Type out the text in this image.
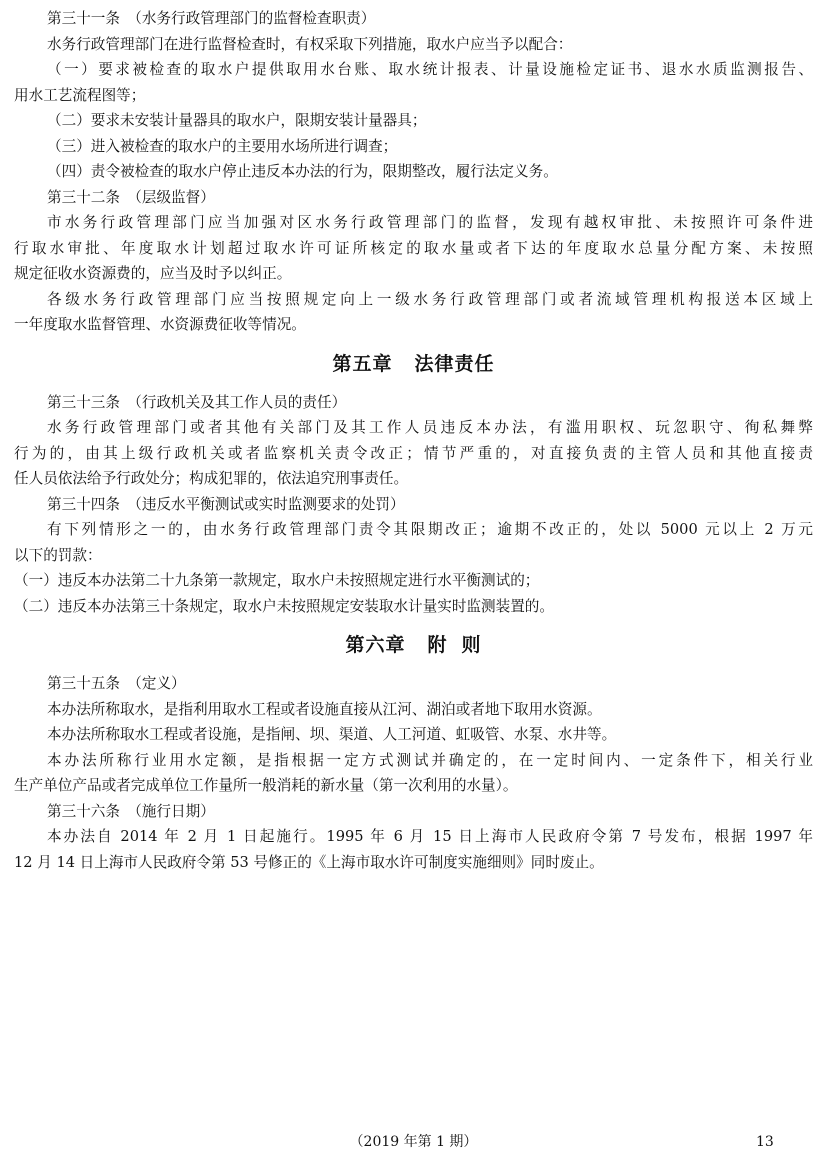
第三十一条　（水务行政管理部门的监督检查职责）
水务行政管理部门在进行监督检查时，有权采取下列措施，取水户应当予以配合：
（一）要求被检查的取水户提供取用水台账、取水统计报表、计量设施检定证书、退水水质监测报告、
用水工艺流程图等；
（二）要求未安装计量器具的取水户，限期安装计量器具；
（三）进入被检查的取水户的主要用水场所进行调查；
（四）责令被检查的取水户停止违反本办法的行为，限期整改，履行法定义务。
第三十二条　（层级监督）
市水务行政管理部门应当加强对区水务行政管理部门的监督，发现有越权审批、未按照许可条件进
行取水审批、年度取水计划超过取水许可证所核定的取水量或者下达的年度取水总量分配方案、未按照
规定征收水资源费的，应当及时予以纠正。
各级水务行政管理部门应当按照规定向上一级水务行政管理部门或者流域管理机构报送本区域上
一年度取水监督管理、水资源费征收等情况。
第五章 法律责任
第三十三条　（行政机关及其工作人员的责任）
水务行政管理部门或者其他有关部门及其工作人员违反本办法，有滥用职权、玩忽职守、徇私舞弊
行为的，由其上级行政机关或者监察机关责令改正；情节严重的，对直接负责的主管人员和其他直接责
任人员依法给予行政处分；构成犯罪的，依法追究刑事责任。
第三十四条　（违反水平衡测试或实时监测要求的处罚）
有下列情形之一的，由水务行政管理部门责令其限期改正；逾期不改正的，处以 5000 元以上 2 万元
以下的罚款：
（一）违反本办法第二十九条第一款规定，取水户未按照规定进行水平衡测试的；
（二）违反本办法第三十条规定，取水户未按照规定安装取水计量实时监测装置的。
第六章 附 则
第三十五条　（定义）
本办法所称取水，是指利用取水工程或者设施直接从江河、湖泊或者地下取用水资源。
本办法所称取水工程或者设施，是指闸、坝、渠道、人工河道、虹吸管、水泵、水井等。
本办法所称行业用水定额，是指根据一定方式测试并确定的，在一定时间内、一定条件下，相关行业
生产单位产品或者完成单位工作量所一般消耗的新水量（第一次利用的水量）。
第三十六条　（施行日期）
本办法自 2014 年 2 月 1 日起施行。1995 年 6 月 15 日上海市人民政府令第 7 号发布，根据 1997 年
12 月 14 日上海市人民政府令第 53 号修正的《上海市取水许可制度实施细则》同时废止。
（2019 年第 1 期）	13
